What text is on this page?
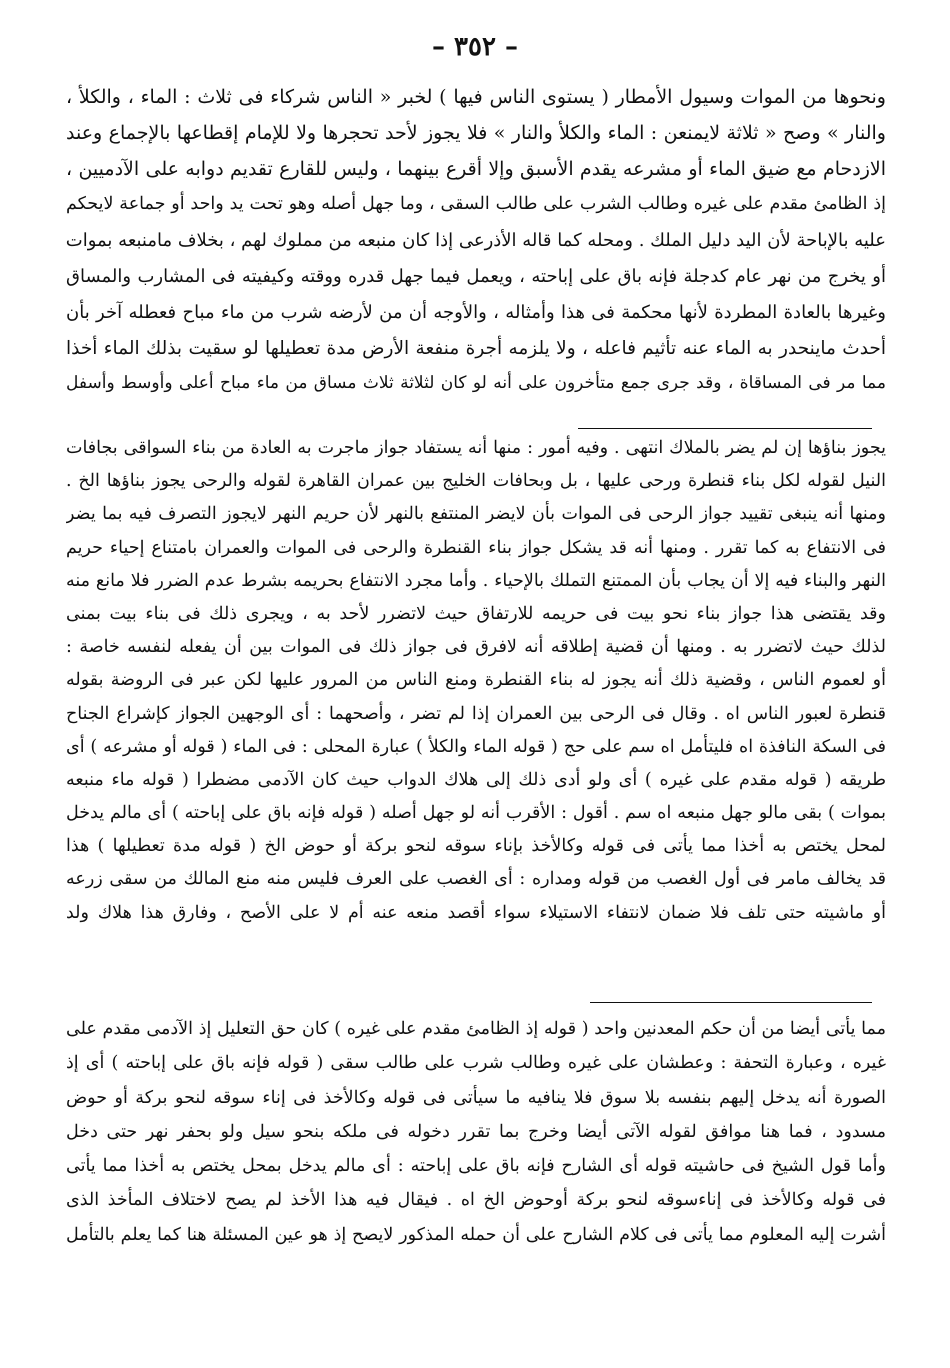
– ٣٥٢ –
ونحوها من الموات وسيول الأمطار ( يستوى الناس فيها ) لخبر « الناس شركاء فى ثلاث : الماء ، والكلأ ،
والنار » وصح « ثلاثة لايمنعن : الماء والكلأ والنار » فلا يجوز لأحد تحجرها ولا للإمام إقطاعها بالإجماع وعند
الازدحام مع ضيق الماء أو مشرعه يقدم الأسبق وإلا أقرع بينهما ، وليس للقارع تقديم دوابه على الآدميين ،
إذ الظامئ مقدم على غيره وطالب الشرب على طالب السقى ، وما جهل أصله وهو تحت يد واحد أو جماعة لايحكم
عليه بالإباحة لأن اليد دليل الملك . ومحله كما قاله الأذرعى إذا كان منبعه من مملوك لهم ، بخلاف مامنبعه بموات
أو يخرج من نهر عام كدجلة فإنه باق على إباحته ، ويعمل فيما جهل قدره ووقته وكيفيته فى المشارب والمساق
وغيرها بالعادة المطردة لأنها محكمة فى هذا وأمثاله ، والأوجه أن من لأرضه شرب من ماء مباح فعطله آخر بأن
أحدث ماينحدر به الماء عنه تأثيم فاعله ، ولا يلزمه أجرة منفعة الأرض مدة تعطيلها لو سقيت بذلك الماء أخذا
مما مر فى المساقاة ، وقد جرى جمع متأخرون على أنه لو كان لثلاثة ثلاث مساق من ماء مباح أعلى وأوسط وأسفل
يجوز بناؤها إن لم يضر بالملاك انتهى . وفيه أمور : منها أنه يستفاد جواز ماجرت به العادة من بناء السواقى بجافات
النيل لقوله لكل بناء قنطرة ورحى عليها ، بل وبحافات الخليج بين عمران القاهرة لقوله والرحى يجوز بناؤها الخ .
ومنها أنه ينبغى تقييد جواز الرحى فى الموات بأن لايضر المنتفع بالنهر لأن حريم النهر لايجوز التصرف فيه بما يضر
فى الانتفاع به كما تقرر . ومنها أنه قد يشكل جواز بناء القنطرة والرحى فى الموات والعمران بامتناع إحياء حريم
النهر والبناء فيه إلا أن يجاب بأن الممتنع التملك بالإحياء . وأما مجرد الانتفاع بحريمه بشرط عدم الضرر فلا مانع منه
وقد يقتضى هذا جواز بناء نحو بيت فى حريمه للارتفاق حيث لاتضرر لأحد به ، ويجرى ذلك فى بناء بيت بمنى
لذلك حيث لاتضرر به . ومنها أن قضية إطلاقه أنه لافرق فى جواز ذلك فى الموات بين أن يفعله لنفسه خاصة :
أو لعموم الناس ، وقضية ذلك أنه يجوز له بناء القنطرة ومنع الناس من المرور عليها لكن عبر فى الروضة بقوله
قنطرة لعبور الناس اه . وقال فى الرحى بين العمران إذا لم تضر ، وأصحهما : أى الوجهين الجواز كإشراع الجناح
فى السكة النافذة اه فليتأمل اه سم على حج ( قوله الماء والكلأ ) عبارة المحلى : فى الماء ( قوله أو مشرعه ) أى
طريقه ( قوله مقدم على غيره ) أى ولو أدى ذلك إلى هلاك الدواب حيث كان الآدمى مضطرا ( قوله ماء منبعه
بموات ) بقى مالو جهل منبعه اه سم . أقول : الأقرب أنه لو جهل أصله ( قوله فإنه باق على إباحته ) أى مالم يدخل
لمحل يختص به أخذا مما يأتى فى قوله وكالأخذ بإناء سوقه لنحو بركة أو حوض الخ ( قوله مدة تعطيلها ) هذا
قد يخالف مامر فى أول الغصب من قوله ومداره : أى الغصب على العرف فليس منه منع المالك من سقى زرعه
أو ماشيته حتى تلف فلا ضمان لانتفاء الاستيلاء سواء أقصد منعه عنه أم لا على الأصح ، وفارق هذا هلاك ولد
مما يأتى أيضا من أن حكم المعدنين واحد ( قوله إذ الظامئ مقدم على غيره ) كان حق التعليل إذ الآدمى مقدم على
غيره ، وعبارة التحفة : وعطشان على غيره وطالب شرب على طالب سقى ( قوله فإنه باق على إباحته ) أى إذ
الصورة أنه يدخل إليهم بنفسه بلا سوق فلا ينافيه ما سيأتى فى قوله وكالأخذ فى إناء سوقه لنحو بركة أو حوض
مسدود ، فما هنا موافق لقوله الآتى أيضا وخرج بما تقرر دخوله فى ملكه بنحو سيل ولو بحفر نهر حتى دخل
وأما قول الشيخ فى حاشيته قوله أى الشارح فإنه باق على إباحته : أى مالم يدخل بمحل يختص به أخذا مما يأتى
فى قوله وكالأخذ فى إناءسوقه لنحو بركة أوحوض الخ اه . فيقال فيه هذا الأخذ لم يصح لاختلاف المأخذ الذى
أشرت إليه المعلوم مما يأتى فى كلام الشارح على أن حمله المذكور لايصح إذ هو عين المسئلة هنا كما يعلم بالتأمل
